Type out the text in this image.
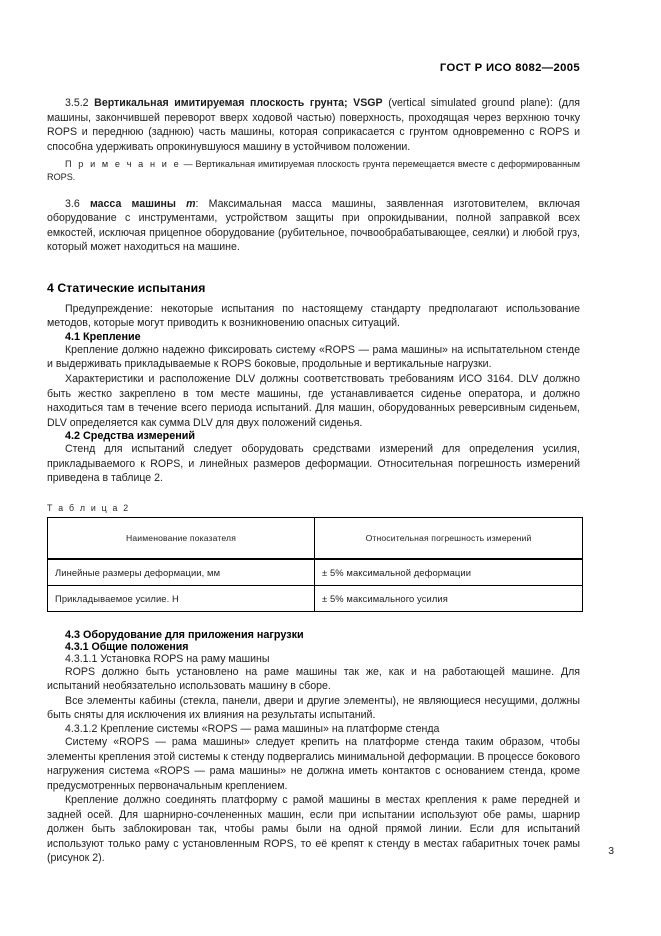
ГОСТ Р ИСО 8082—2005

3.5.2 Вертикальная имитируемая плоскость грунта; VSGP (vertical simulated ground plane): (для машины, закончившей переворот вверх ходовой частью) поверхность, проходящая через верхнюю точку ROPS и переднюю (заднюю) часть машины, которая соприкасается с грунтом одновременно с ROPS и способна удерживать опрокинувшуюся машину в устойчивом положении.

П р и м е ч а н и е — Вертикальная имитируемая плоскость грунта перемещается вместе с деформированным ROPS.

3.6 масса машины m: Максимальная масса машины, заявленная изготовителем, включая оборудование с инструментами, устройством защиты при опрокидывании, полной заправкой всех емкостей, исключая прицепное оборудование (рубительное, почвообрабатывающее, сеялки) и любой груз, который может находиться на машине.

4 Статические испытания

Предупреждение: некоторые испытания по настоящему стандарту предполагают использование методов, которые могут приводить к возникновению опасных ситуаций.

4.1 Крепление

Крепление должно надежно фиксировать систему «ROPS — рама машины» на испытательном стенде и выдерживать прикладываемые к ROPS боковые, продольные и вертикальные нагрузки.

Характеристики и расположение DLV должны соответствовать требованиям ИСО 3164. DLV должно быть жестко закреплено в том месте машины, где устанавливается сиденье оператора, и должно находиться там в течение всего периода испытаний. Для машин, оборудованных реверсивным сиденьем, DLV определяется как сумма DLV для двух положений сиденья.

4.2 Средства измерений

Стенд для испытаний следует оборудовать средствами измерений для определения усилия, прикладываемого к ROPS, и линейных размеров деформации. Относительная погрешность измерений приведена в таблице 2.

Т а б л и ц а 2
Наименование показателя	Относительная погрешность измерений
Линейные размеры деформации, мм	± 5% максимальной деформации
Прикладываемое усилие. Н	± 5% максимального усилия
4.3 Оборудование для приложения нагрузки
4.3.1 Общие положения
4.3.1.1 Установка ROPS на раму машины

ROPS должно быть установлено на раме машины так же, как и на работающей машине. Для испытаний необязательно использовать машину в сборе.

Все элементы кабины (стекла, панели, двери и другие элементы), не являющиеся несущими, должны быть сняты для исключения их влияния на результаты испытаний.

4.3.1.2 Крепление системы «ROPS — рама машины» на платформе стенда

Систему «ROPS — рама машины» следует крепить на платформе стенда таким образом, чтобы элементы крепления этой системы к стенду подвергались минимальной деформации. В процессе бокового нагружения система «ROPS — рама машины» не должна иметь контактов с основанием стенда, кроме предусмотренных первоначальным креплением.

Крепление должно соединять платформу с рамой машины в местах крепления к раме передней и задней осей. Для шарнирно-сочлененных машин, если при испытании используют обе рамы, шарнир должен быть заблокирован так, чтобы рамы были на одной прямой линии. Если для испытаний используют только раму с установленным ROPS, то её крепят к стенду в местах габаритных точек рамы (рисунок 2).

3
